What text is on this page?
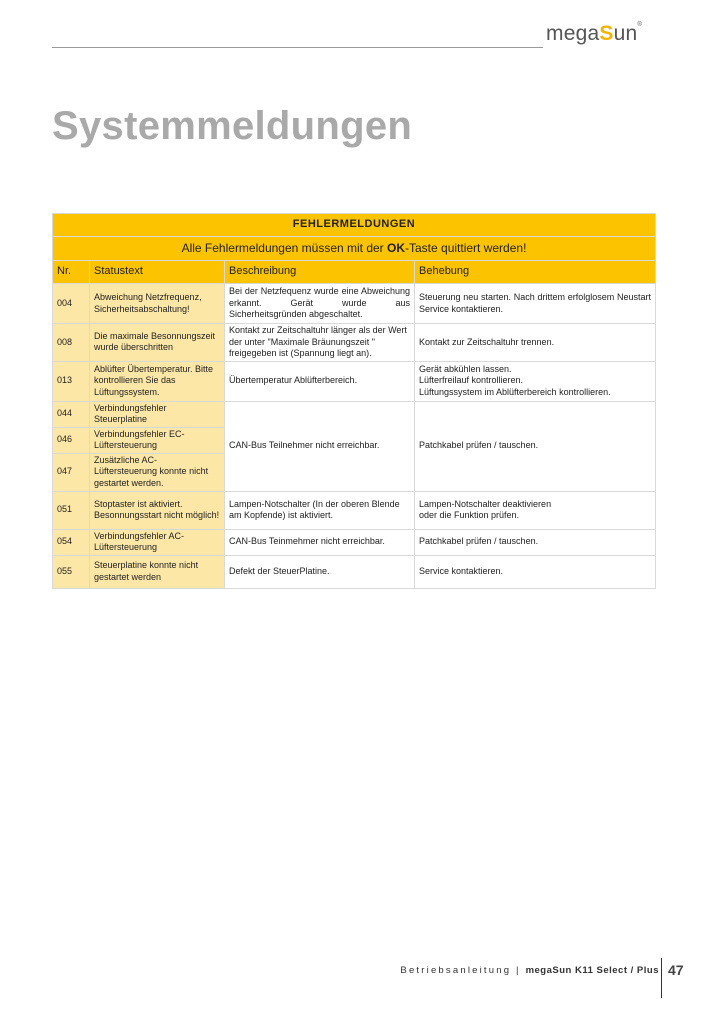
megaSun®
Systemmeldungen
FEHLERMELDUNGEN			
Alle Fehlermeldungen müssen mit der OK-Taste quittiert werden!			
Nr.	Statustext	Beschreibung	Behebung
004	Abweichung Netzfrequenz, Sicherheitsabschaltung!	Bei der Netzfequenz wurde eine Abweichung erkannt. Gerät wurde aus Sicherheitsgründen abgeschaltet.	Steuerung neu starten. Nach drittem erfolglosem Neustart Service kontaktieren.
008	Die maximale Besonnungszeit wurde überschritten	Kontakt zur Zeitschaltuhr länger als der Wert der unter "Maximale Bräunungszeit " freigegeben ist (Spannung liegt an).	Kontakt zur Zeitschaltuhr trennen.
013	Ablüfter Übertemperatur. Bitte kontrollieren Sie das Lüftungssystem.	Übertemperatur Ablüfterbereich.	Gerät abkühlen lassen.
Lüfterfreilauf kontrollieren.
Lüftungssystem im Ablüfterbereich kontrollieren.

044	Verbindungsfehler Steuerplatine	CAN-Bus Teilnehmer nicht erreichbar.	Patchkabel prüfen / tauschen.
046	Verbindungsfehler EC-Lüftersteuerung		
047	Zusätzliche AC-Lüftersteuerung konnte nicht gestartet werden.		
051	Stoptaster ist aktiviert. Besonnungsstart nicht möglich!	Lampen-Notschalter (In der oberen Blende am Kopfende) ist aktiviert.	Lampen-Notschalter deaktivieren
oder die Funktion prüfen.

054	Verbindungsfehler AC-Lüftersteuerung	CAN-Bus Teinmehmer nicht erreichbar.	Patchkabel prüfen / tauschen.
055	Steuerplatine konnte nicht gestartet werden	Defekt der SteuerPlatine.	Service kontaktieren.
Betriebsanleitung | megaSun K11 Select / Plus 47
